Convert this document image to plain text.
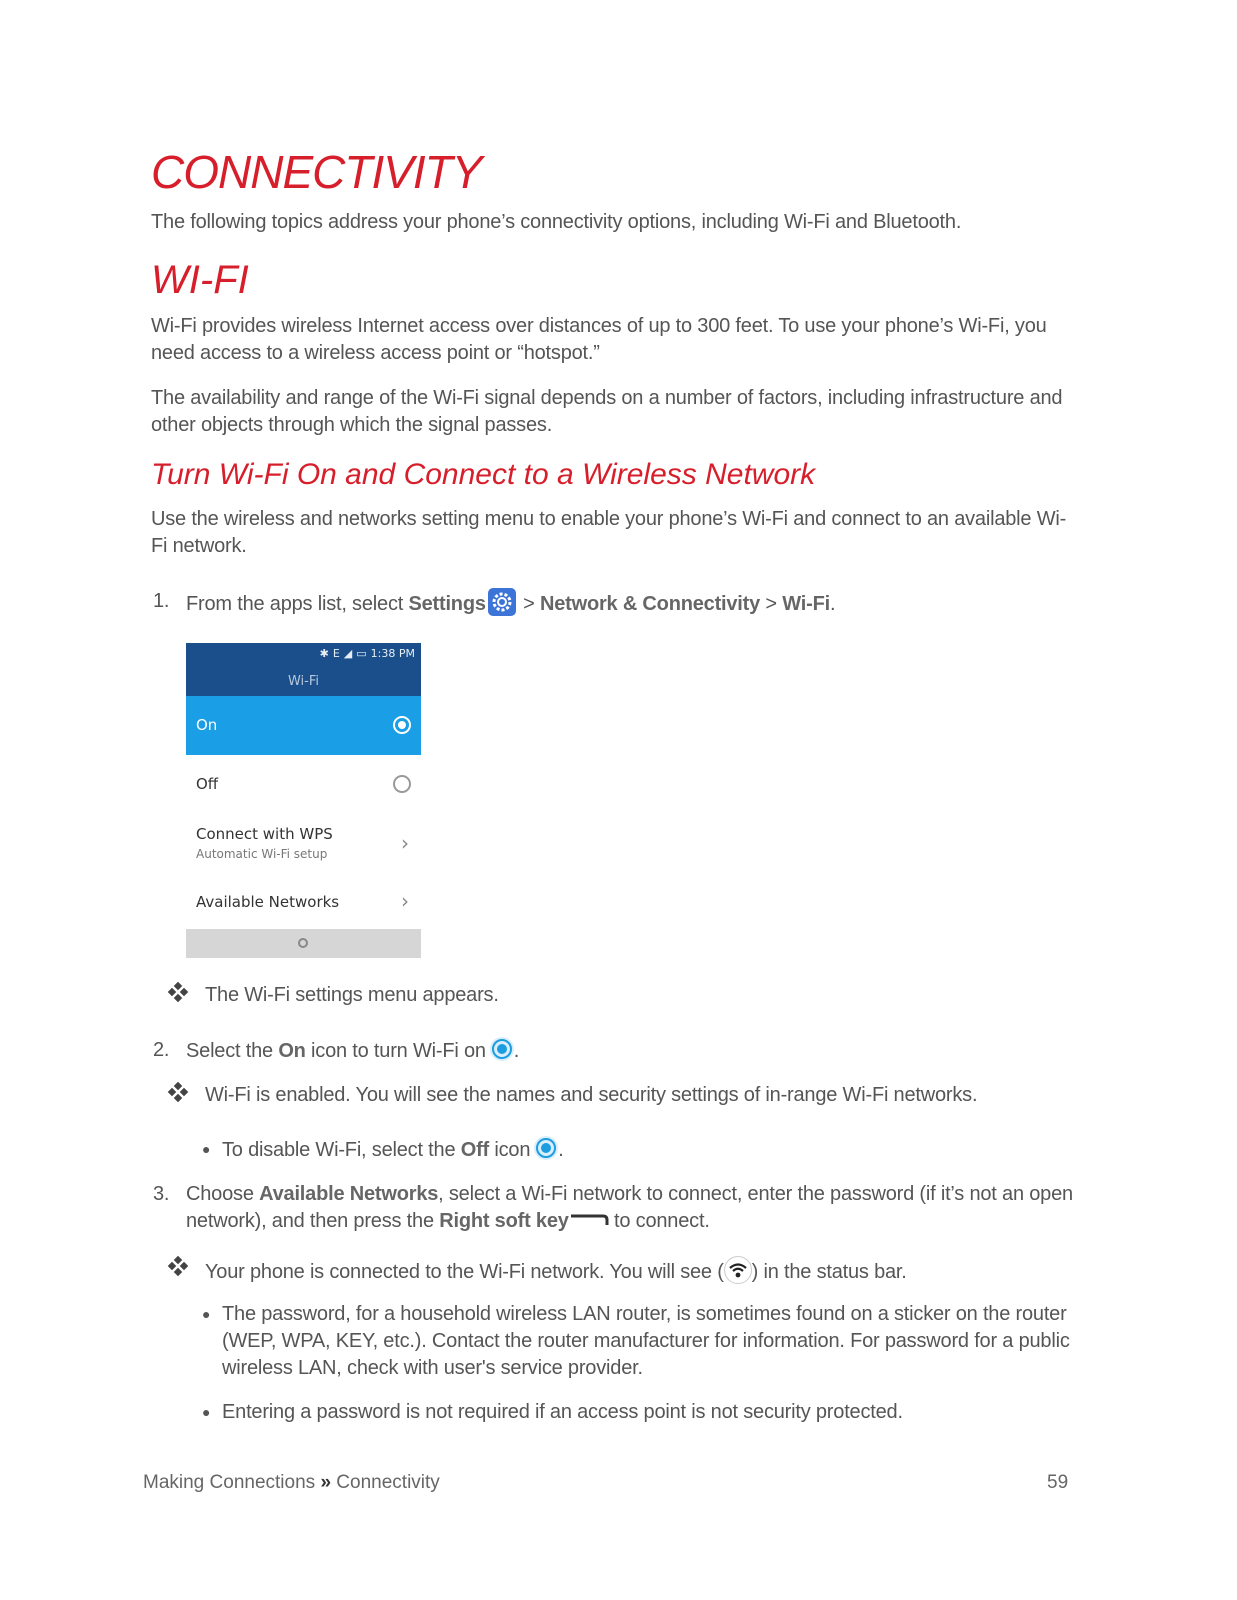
CONNECTIVITY

The following topics address your phone’s connectivity options, including Wi-Fi and Bluetooth.

WI-FI

Wi-Fi provides wireless Internet access over distances of up to 300 feet. To use your phone’s Wi-Fi, you need access to a wireless access point or “hotspot.”

The availability and range of the Wi-Fi signal depends on a number of factors, including infrastructure and other objects through which the signal passes.

Turn Wi-Fi On and Connect to a Wireless Network

Use the wireless and networks setting menu to enable your phone’s Wi-Fi and connect to an available Wi-Fi network.

1. From the apps list, select Settings
> Network & Connectivity > Wi-Fi.

✱ E ◢ ▭ 1:38 PM
Wi-Fi
On
Off
Connect with WPS
Automatic Wi-Fi setup	›
Available Networks	›

The Wi-Fi settings menu appears.

2. Select the On icon to turn Wi-Fi on .

Wi-Fi is enabled. You will see the names and security settings of in-range Wi-Fi networks.

● To disable Wi-Fi, select the Off icon .

3. Choose Available Networks, select a Wi-Fi network to connect, enter the password (if it’s not an open network), and then press the Right soft key to connect.

Your phone is connected to the Wi-Fi network. You will see ( ) in the status bar.

● The password, for a household wireless LAN router, is sometimes found on a sticker on the router (WEP, WPA, KEY, etc.). Contact the router manufacturer for information. For password for a public wireless LAN, check with user's service provider.

● Entering a password is not required if an access point is not security protected.

Making Connections » Connectivity	59
